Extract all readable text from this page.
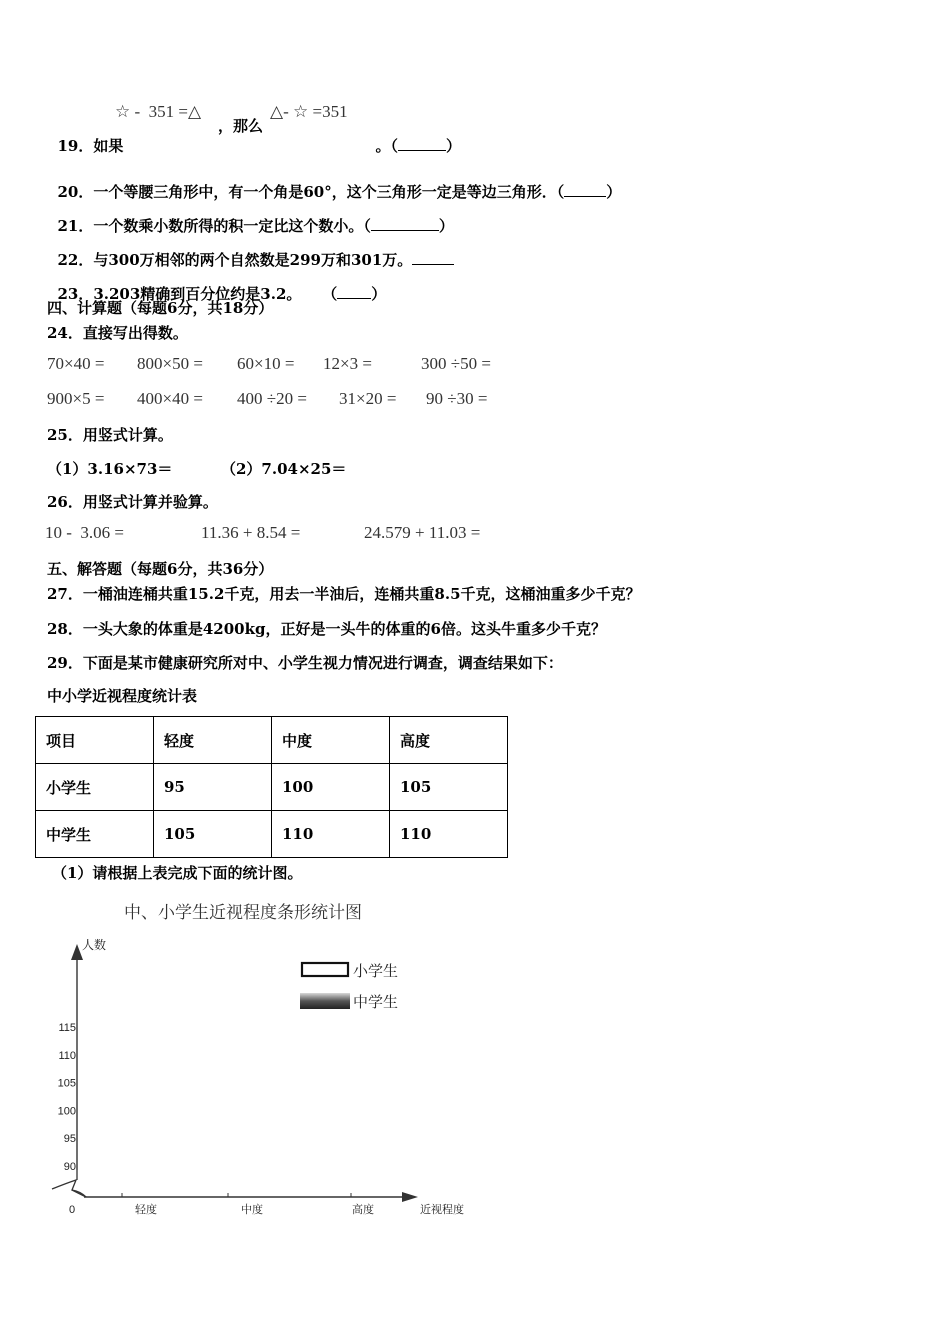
19．如果

☆ -  351 =△
，那么
△- ☆ =351

。（	）

20．一个等腰三角形中，有一个角是60°，这个三角形一定是等边三角形．（	）

21．一个数乘小数所得的积一定比这个数小。（	）

22．与300万相邻的两个自然数是299万和301万。

23．3.203精确到百分位约是3.2。    （ ）

四、计算题（每题6分，共18分）
24．直接写出得数。
70×40 = 800×50 = 60×10 = 12×3 =	300 ÷50 =
900×5 = 400×40 = 400 ÷20 = 31×20 = 90 ÷30 =
25．用竖式计算。
（1）3.16×73＝	（2）7.04×25＝
26．用竖式计算并验算。
10 -  3.06 =	11.36 + 8.54 =	24.579 + 11.03 =
五、解答题（每题6分，共36分）
27．一桶油连桶共重15.2千克，用去一半油后，连桶共重8.5千克，这桶油重多少千克？
28．一头大象的体重是4200kg，正好是一头牛的体重的6倍。这头牛重多少千克？
29．下面是某市健康研究所对中、小学生视力情况进行调查，调查结果如下：
中小学近视程度统计表
项目	轻度	中度	高度
小学生	95	100	105
中学生	105	110	110
（1）请根据上表完成下面的统计图。
中、小学生近视程度条形统计图
人数
90
95
100
105
110
115
0	轻度	中度	高度	近视程度
小学生
中学生
